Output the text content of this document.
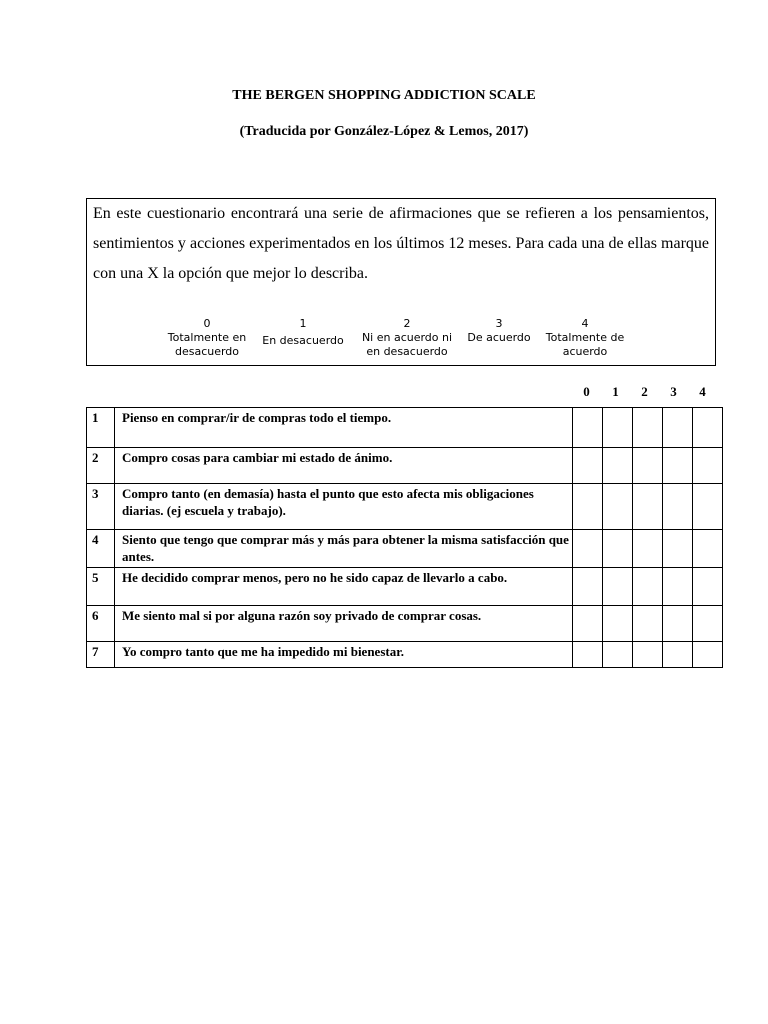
THE BERGEN SHOPPING ADDICTION SCALE
(Traducida por González-López & Lemos, 2017)

En este cuestionario encontrará una serie de afirmaciones que se refieren a los pensamientos, sentimientos y acciones experimentados en los últimos 12 meses. Para cada una de ellas marque con una X la opción que mejor lo describa.

0
Totalmente en desacuerdo
1
En desacuerdo
2
Ni en acuerdo ni en desacuerdo
3
De acuerdo
4
Totalmente de acuerdo
0	1	2	3	4
1	Pienso en comprar/ir de compras todo el tiempo.					

2	Compro cosas para cambiar mi estado de ánimo.					

3	Compro tanto (en demasía) hasta el punto que esto afecta mis obligaciones diarias. (ej escuela y trabajo).					

4	Siento que tengo que comprar más y más para obtener la misma satisfacción que antes.					

5	He decidido comprar menos, pero no he sido capaz de llevarlo a cabo.					

6	Me siento mal si por alguna razón soy privado de comprar cosas.					

7	Yo compro tanto que me ha impedido mi bienestar.					
